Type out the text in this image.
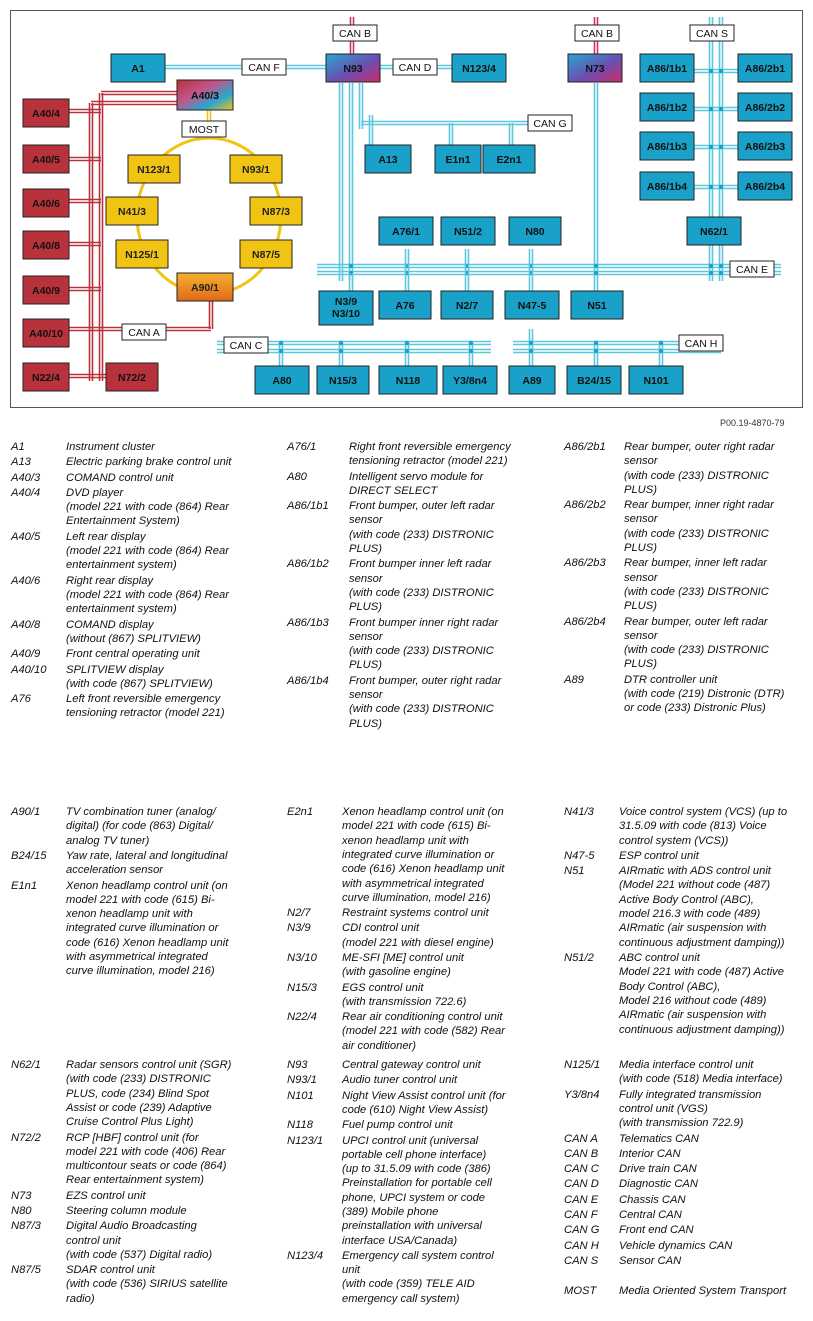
A1	N93	N123/4	N73
A40/3
A86/1b1	A86/2b1
A86/1b2	A86/2b2
A86/1b3	A86/2b3
A86/1b4	A86/2b4
A40/4
A40/5
A40/6
A40/8
A40/9
A40/10
N22/4	N72/2
N123/1	N93/1
N41/3	N87/3
N125/1	N87/5
A90/1
A13	E1n1 E2n1
A76/1	N51/2	N80	N62/1
N3/9
N3/10
A76	N2/7	N47-5	N51
A80	N15/3	N118	Y3/8n4	A89	B24/15	N101
CAN B	CAN B	CAN S
CAN F	CAN D
MOST	CAN G
CAN E
CAN A
CAN C	CAN H
P00.19-4870-79
A1	Instrument cluster
A13	Electric parking brake control unit
A40/3 COMAND control unit
A40/4 DVD player
(model 221 with code (864) Rear
Entertainment System)
A40/5 Left rear display
(model 221 with code (864) Rear
entertainment system)
A40/6 Right rear display
(model 221 with code (864) Rear
entertainment system)
A40/8 COMAND display
(without (867) SPLITVIEW)
A40/9 Front central operating unit
A40/10 SPLITVIEW display
(with code (867) SPLITVIEW)
A76	Left front reversible emergency
tensioning retractor (model 221)
A76/1	Right front reversible emergency
tensioning retractor (model 221)
A80	Intelligent servo module for
DIRECT SELECT
A86/1b1 Front bumper, outer left radar
sensor
(with code (233) DISTRONIC
PLUS)
A86/1b2 Front bumper inner left radar
sensor
(with code (233) DISTRONIC
PLUS)
A86/1b3 Front bumper inner right radar
sensor
(with code (233) DISTRONIC
PLUS)
A86/1b4 Front bumper, outer right radar
sensor
(with code (233) DISTRONIC
PLUS)
A86/2b1 Rear bumper, outer right radar
sensor
(with code (233) DISTRONIC
PLUS)
A86/2b2 Rear bumper, inner right radar
sensor
(with code (233) DISTRONIC
PLUS)
A86/2b3 Rear bumper, inner left radar
sensor
(with code (233) DISTRONIC
PLUS)
A86/2b4 Rear bumper, outer left radar
sensor
(with code (233) DISTRONIC
PLUS)
A89	DTR controller unit
(with code (219) Distronic (DTR)
or code (233) Distronic Plus)
A90/1 TV combination tuner (analog/
digital) (for code (863) Digital/
analog TV tuner)
B24/15 Yaw rate, lateral and longitudinal
acceleration sensor
E1n1	Xenon headlamp control unit (on
model 221 with code (615) Bi-
xenon headlamp unit with
integrated curve illumination or
code (616) Xenon headlamp unit
with asymmetrical integrated
curve illumination, model 216)
E2n1	Xenon headlamp control unit (on
model 221 with code (615) Bi-
xenon headlamp unit with
integrated curve illumination or
code (616) Xenon headlamp unit
with asymmetrical integrated
curve illumination, model 216)
N2/7	Restraint systems control unit
N3/9	CDI control unit
(model 221 with diesel engine)
N3/10 ME-SFI [ME] control unit
(with gasoline engine)
N15/3 EGS control unit
(with transmission 722.6)
N22/4 Rear air conditioning control unit
(model 221 with code (582) Rear
air conditioner)
N41/3 Voice control system (VCS) (up to
31.5.09 with code (813) Voice
control system (VCS))
N47-5 ESP control unit
N51	AIRmatic with ADS control unit
(Model 221 without code (487)
Active Body Control (ABC),
model 216.3 with code (489)
AIRmatic (air suspension with
continuous adjustment damping))
N51/2 ABC control unit
Model 221 with code (487) Active
Body Control (ABC),
Model 216 without code (489)
AIRmatic (air suspension with
continuous adjustment damping))
N62/1 Radar sensors control unit (SGR)
(with code (233) DISTRONIC
PLUS, code (234) Blind Spot
Assist or code (239) Adaptive
Cruise Control Plus Light)
N72/2 RCP [HBF] control unit (for
model 221 with code (406) Rear
multicontour seats or code (864)
Rear entertainment system)
N73	EZS control unit
N80	Steering column module
N87/3 Digital Audio Broadcasting
control unit
(with code (537) Digital radio)
N87/5 SDAR control unit
(with code (536) SIRIUS satellite
radio)
N93	Central gateway control unit
N93/1 Audio tuner control unit
N101	Night View Assist control unit (for
code (610) Night View Assist)
N118	Fuel pump control unit
N123/1 UPCI control unit (universal
portable cell phone interface)
(up to 31.5.09 with code (386)
Preinstallation for portable cell
phone, UPCI system or code
(389) Mobile phone
preinstallation with universal
interface USA/Canada)
N123/4 Emergency call system control
unit
(with code (359) TELE AID
emergency call system)
N125/1 Media interface control unit
(with code (518) Media interface)
Y3/8n4 Fully integrated transmission
control unit (VGS)
(with transmission 722.9)
CAN A Telematics CAN
CAN B Interior CAN
CAN C Drive train CAN
CAN D Diagnostic CAN
CAN E Chassis CAN
CAN F Central CAN
CAN G Front end CAN
CAN H Vehicle dynamics CAN
CAN S Sensor CAN
MOST Media Oriented System Transport
